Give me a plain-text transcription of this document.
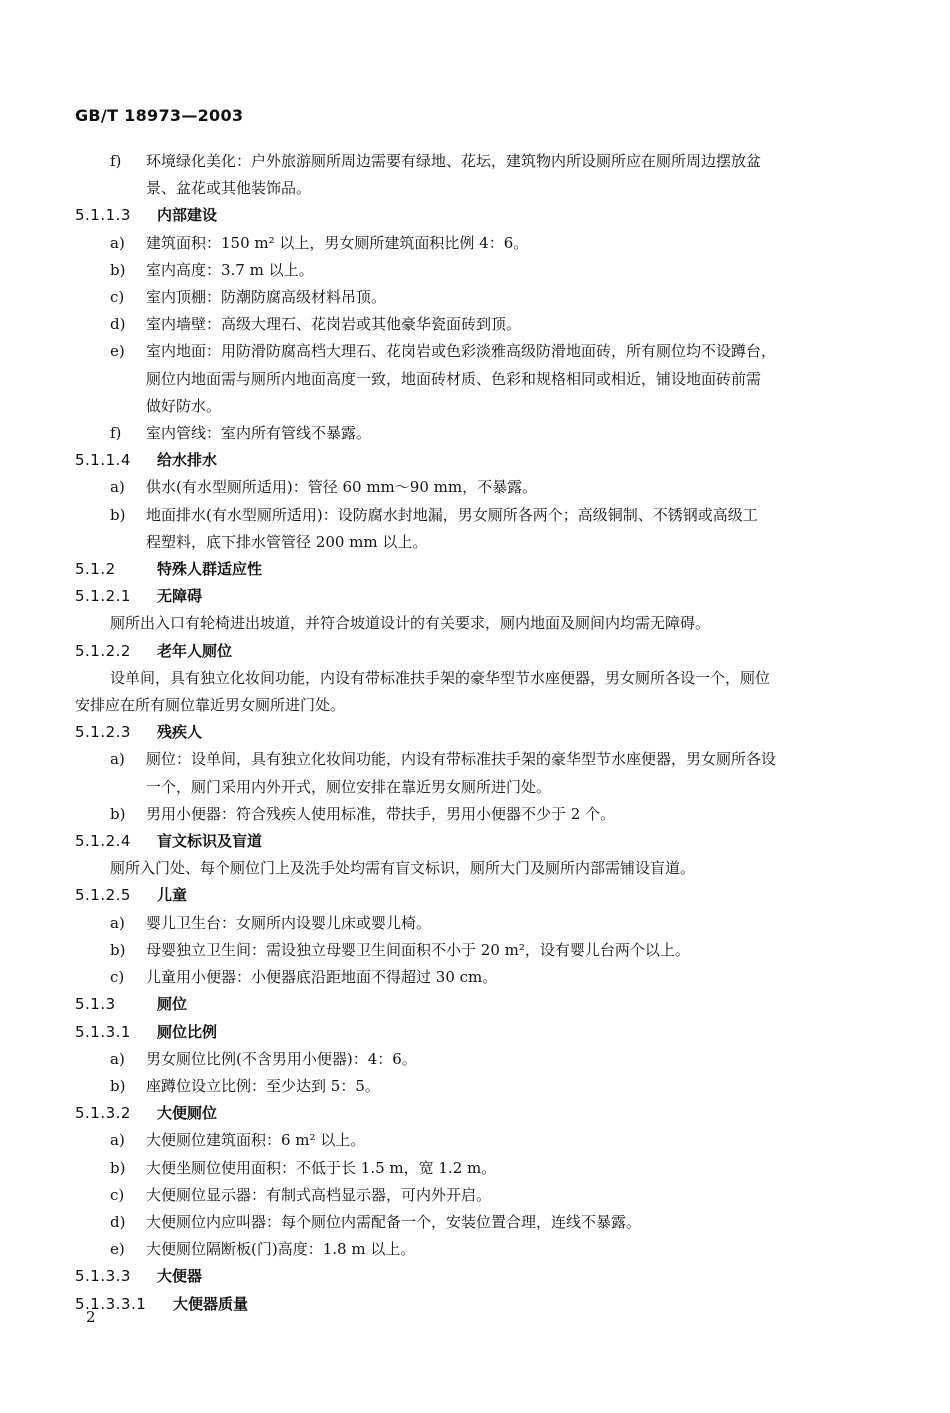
GB/T 18973—2003
f) 环境绿化美化：户外旅游厕所周边需要有绿地、花坛，建筑物内所设厕所应在厕所周边摆放盆
景、盆花或其他装饰品。
5.1.1.3 内部建设
a) 建筑面积：150 m² 以上，男女厕所建筑面积比例 4：6。
b) 室内高度：3.7 m 以上。
c) 室内顶棚：防潮防腐高级材料吊顶。
d) 室内墙壁：高级大理石、花岗岩或其他豪华瓷面砖到顶。
e) 室内地面：用防滑防腐高档大理石、花岗岩或色彩淡雅高级防滑地面砖，所有厕位均不设蹲台，
厕位内地面需与厕所内地面高度一致，地面砖材质、色彩和规格相同或相近，铺设地面砖前需
做好防水。
f) 室内管线：室内所有管线不暴露。
5.1.1.4 给水排水
a) 供水(有水型厕所适用)：管径 60 mm～90 mm，不暴露。
b) 地面排水(有水型厕所适用)：设防腐水封地漏，男女厕所各两个；高级铜制、不锈钢或高级工
程塑料，底下排水管管径 200 mm 以上。
5.1.2	特殊人群适应性
5.1.2.1 无障碍
厕所出入口有轮椅进出坡道，并符合坡道设计的有关要求，厕内地面及厕间内均需无障碍。
5.1.2.2 老年人厕位
设单间，具有独立化妆间功能，内设有带标准扶手架的豪华型节水座便器，男女厕所各设一个，厕位
安排应在所有厕位靠近男女厕所进门处。
5.1.2.3 残疾人
a) 厕位：设单间，具有独立化妆间功能，内设有带标准扶手架的豪华型节水座便器，男女厕所各设
一个，厕门采用内外开式，厕位安排在靠近男女厕所进门处。
b) 男用小便器：符合残疾人使用标准，带扶手，男用小便器不少于 2 个。
5.1.2.4 盲文标识及盲道
厕所入门处、每个厕位门上及洗手处均需有盲文标识，厕所大门及厕所内部需铺设盲道。
5.1.2.5 儿童
a) 婴儿卫生台：女厕所内设婴儿床或婴儿椅。
b) 母婴独立卫生间：需设独立母婴卫生间面积不小于 20 m²，设有婴儿台两个以上。
c) 儿童用小便器：小便器底沿距地面不得超过 30 cm。
5.1.3	厕位
5.1.3.1 厕位比例
a) 男女厕位比例(不含男用小便器)：4：6。
b) 座蹲位设立比例：至少达到 5：5。
5.1.3.2 大便厕位
a) 大便厕位建筑面积：6 m² 以上。
b) 大便坐厕位使用面积：不低于长 1.5 m，宽 1.2 m。
c) 大便厕位显示器：有制式高档显示器，可内外开启。
d) 大便厕位内应叫器：每个厕位内需配备一个，安装位置合理，连线不暴露。
e) 大便厕位隔断板(门)高度：1.8 m 以上。
5.1.3.3 大便器
5.1.3.3.1 大便器质量
2
